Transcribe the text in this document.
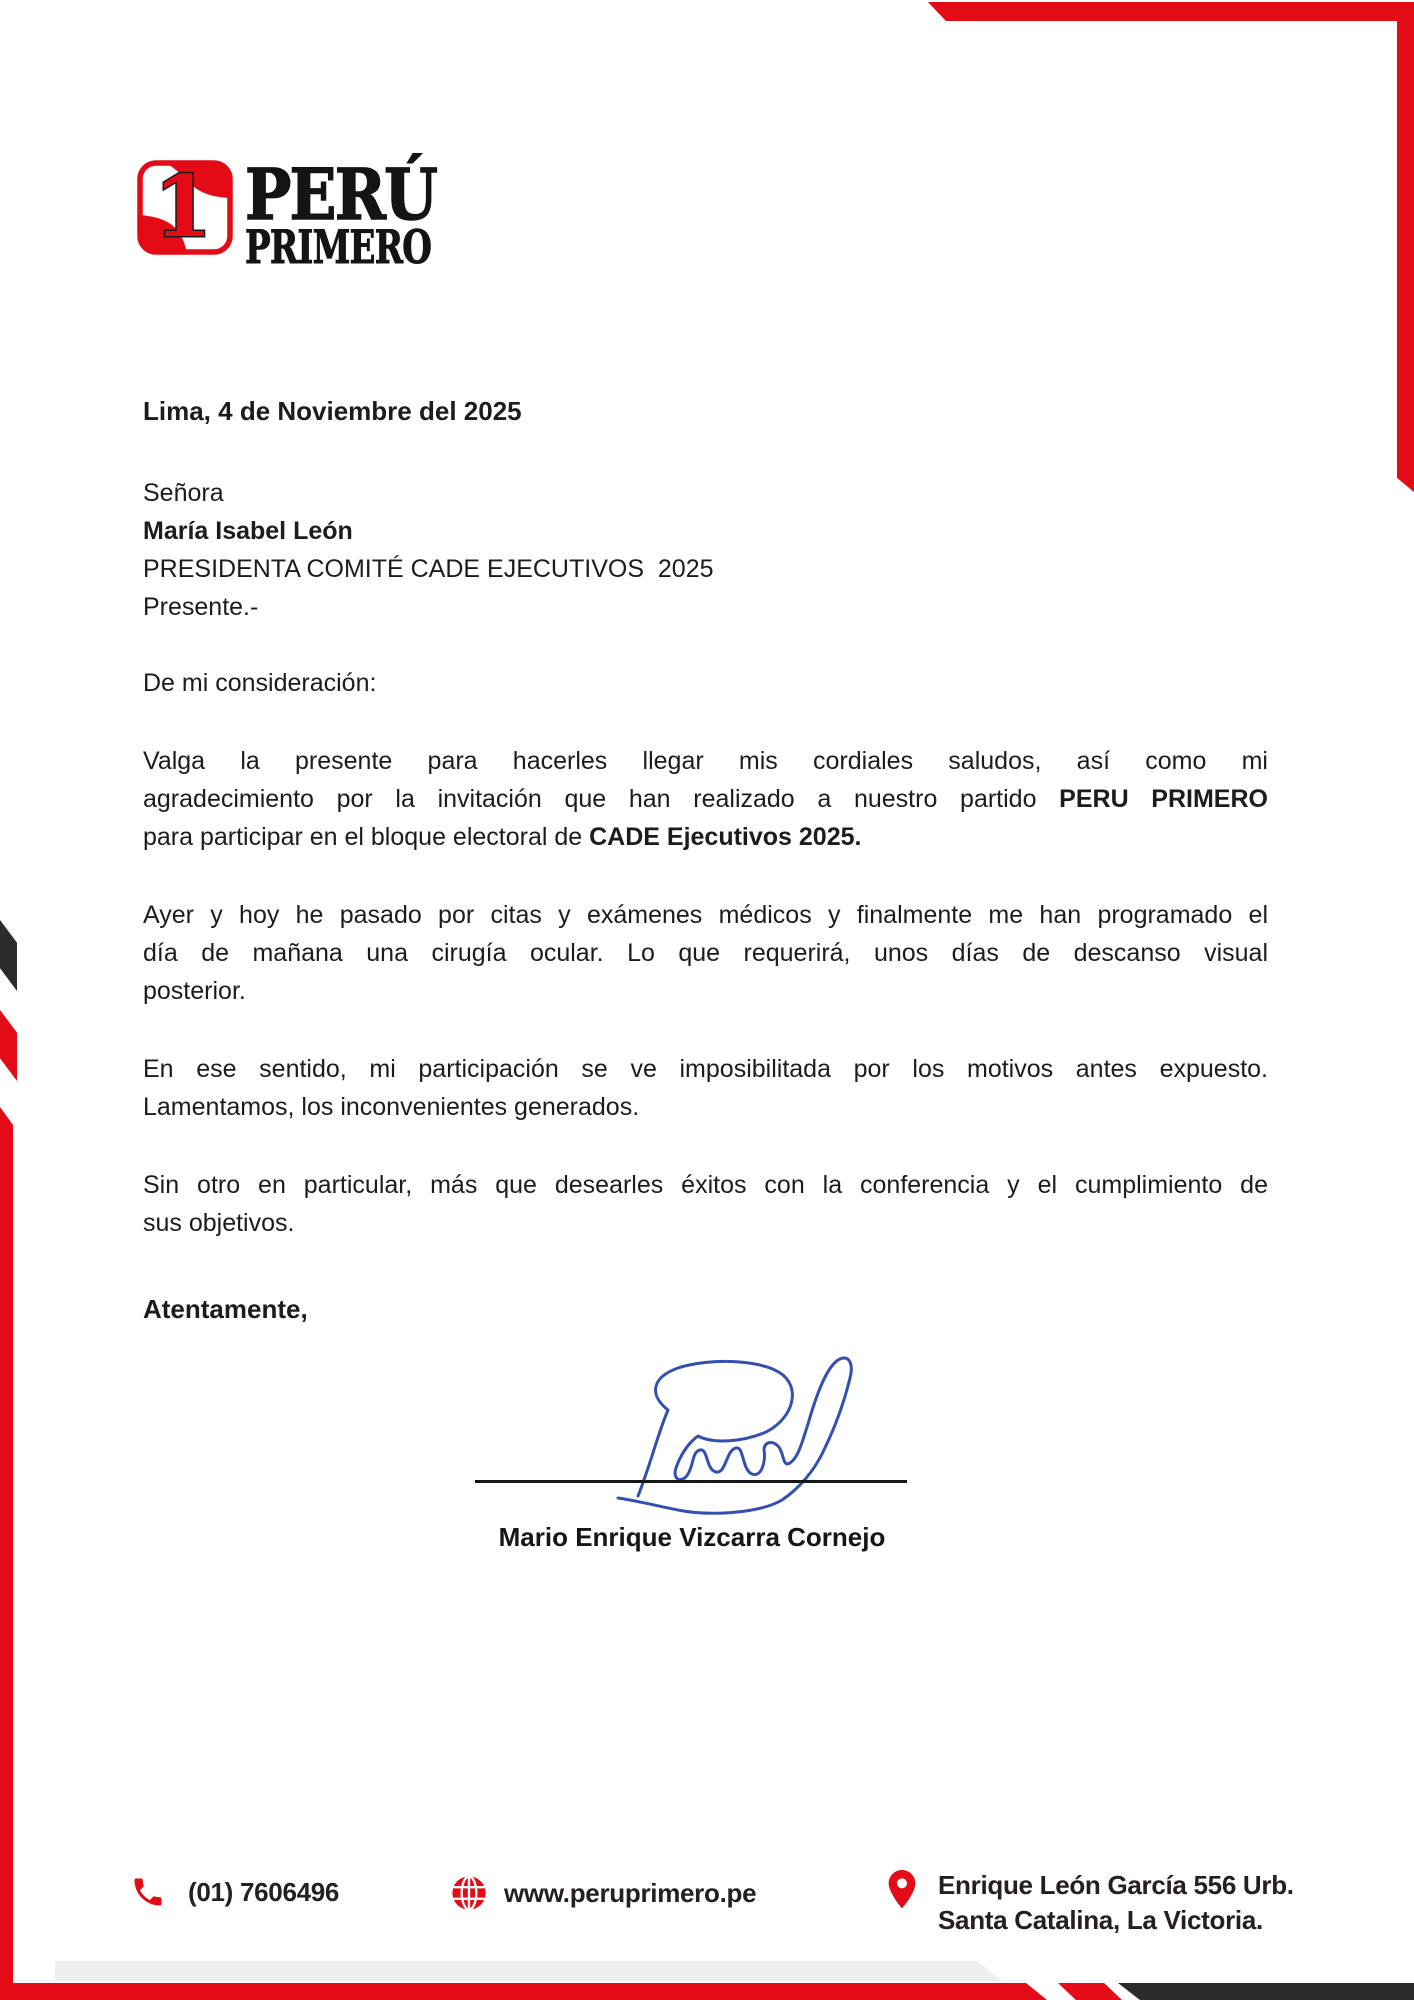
1 PERÚ
PRIMERO
Lima, 4 de Noviembre del 2025
Señora
María Isabel León
PRESIDENTA COMITÉ CADE EJECUTIVOS  2025
Presente.-
De mi consideración:
Valga la presente para hacerles llegar mis cordiales saludos, así como mi
agradecimiento por la invitación que han realizado a nuestro partido PERU PRIMERO
para participar en el bloque electoral de CADE Ejecutivos 2025.
Ayer y hoy he pasado por citas y exámenes médicos y finalmente me han programado el
día de mañana una cirugía ocular. Lo que requerirá, unos días de descanso visual
posterior.
En ese sentido, mi participación se ve imposibilitada por los motivos antes expuesto.
Lamentamos, los inconvenientes generados.
Sin otro en particular, más que desearles éxitos con la conferencia y el cumplimiento de
sus objetivos.
Atentamente,
Mario Enrique Vizcarra Cornejo
(01) 7606496	www.peruprimero.pe	Enrique León García 556 Urb.
Santa Catalina, La Victoria.
